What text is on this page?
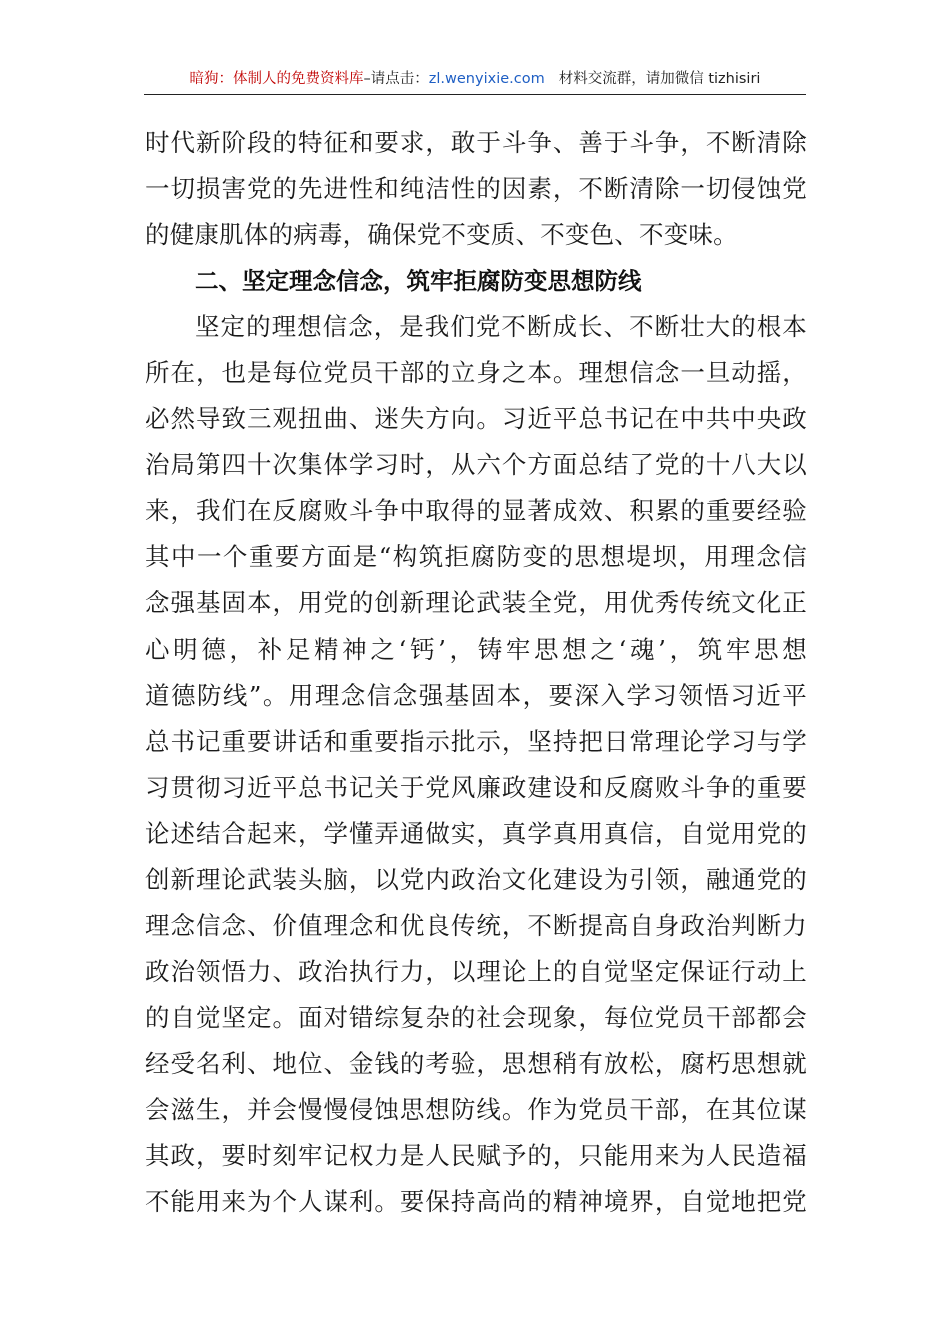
暗狗：体制人的免费资料库–请点击：zl.wenyixie.com 材料交流群，请加微信 tizhisiri
时代新阶段的特征和要求，敢于斗争、善于斗争，不断清除
一切损害党的先进性和纯洁性的因素，不断清除一切侵蚀党
的健康肌体的病毒，确保党不变质、不变色、不变味。
二、坚定理念信念，筑牢拒腐防变思想防线
坚定的理想信念，是我们党不断成长、不断壮大的根本
所在，也是每位党员干部的立身之本。理想信念一旦动摇，
必然导致三观扭曲、迷失方向。习近平总书记在中共中央政
治局第四十次集体学习时，从六个方面总结了党的十八大以
来，我们在反腐败斗争中取得的显著成效、积累的重要经验
其中一个重要方面是“构筑拒腐防变的思想堤坝，用理念信
念强基固本，用党的创新理论武装全党，用优秀传统文化正
心明德，补足精神之‘钙’，铸牢思想之‘魂’，筑牢思想
道德防线”。用理念信念强基固本，要深入学习领悟习近平
总书记重要讲话和重要指示批示，坚持把日常理论学习与学
习贯彻习近平总书记关于党风廉政建设和反腐败斗争的重要
论述结合起来，学懂弄通做实，真学真用真信，自觉用党的
创新理论武装头脑，以党内政治文化建设为引领，融通党的
理念信念、价值理念和优良传统，不断提高自身政治判断力
政治领悟力、政治执行力，以理论上的自觉坚定保证行动上
的自觉坚定。面对错综复杂的社会现象，每位党员干部都会
经受名利、地位、金钱的考验，思想稍有放松，腐朽思想就
会滋生，并会慢慢侵蚀思想防线。作为党员干部，在其位谋
其政，要时刻牢记权力是人民赋予的，只能用来为人民造福
不能用来为个人谋利。要保持高尚的精神境界，自觉地把党
